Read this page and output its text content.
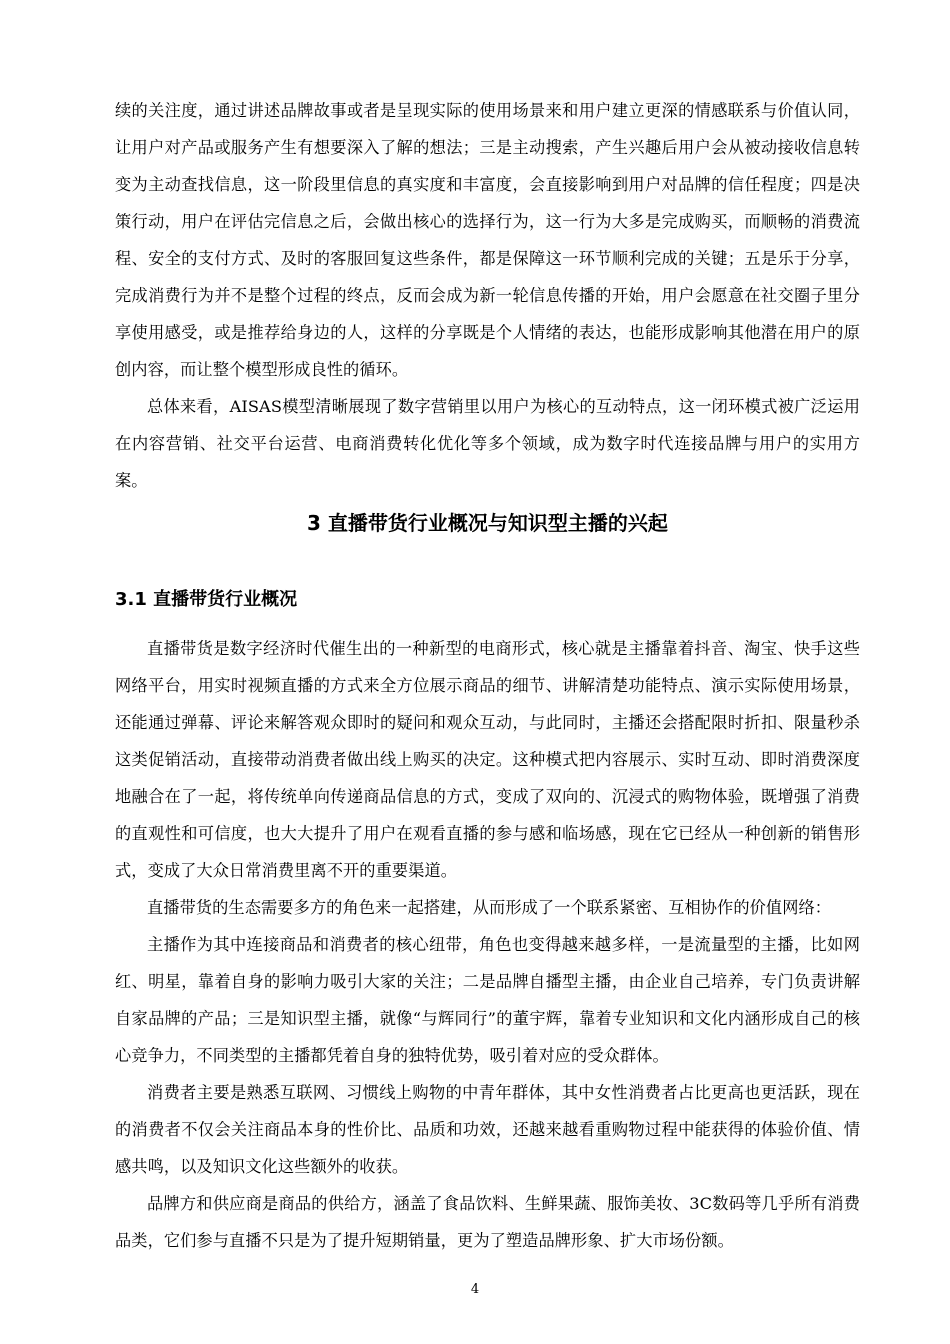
续的关注度，通过讲述品牌故事或者是呈现实际的使用场景来和用户建立更深的情感联系与价值认同，让用户对产品或服务产生有想要深入了解的想法；三是主动搜索，产生兴趣后用户会从被动接收信息转变为主动查找信息，这一阶段里信息的真实度和丰富度，会直接影响到用户对品牌的信任程度；四是决策行动，用户在评估完信息之后，会做出核心的选择行为，这一行为大多是完成购买，而顺畅的消费流程、安全的支付方式、及时的客服回复这些条件，都是保障这一环节顺利完成的关键；五是乐于分享，完成消费行为并不是整个过程的终点，反而会成为新一轮信息传播的开始，用户会愿意在社交圈子里分享使用感受，或是推荐给身边的人，这样的分享既是个人情绪的表达，也能形成影响其他潜在用户的原创内容，而让整个模型形成良性的循环。

总体来看，AISAS模型清晰展现了数字营销里以用户为核心的互动特点，这一闭环模式被广泛运用在内容营销、社交平台运营、电商消费转化优化等多个领域，成为数字时代连接品牌与用户的实用方案。

3 直播带货行业概况与知识型主播的兴起
3.1 直播带货行业概况

直播带货是数字经济时代催生出的一种新型的电商形式，核心就是主播靠着抖音、淘宝、快手这些网络平台，用实时视频直播的方式来全方位展示商品的细节、讲解清楚功能特点、演示实际使用场景，还能通过弹幕、评论来解答观众即时的疑问和观众互动，与此同时，主播还会搭配限时折扣、限量秒杀这类促销活动，直接带动消费者做出线上购买的决定。这种模式把内容展示、实时互动、即时消费深度地融合在了一起，将传统单向传递商品信息的方式，变成了双向的、沉浸式的购物体验，既增强了消费的直观性和可信度，也大大提升了用户在观看直播的参与感和临场感，现在它已经从一种创新的销售形式，变成了大众日常消费里离不开的重要渠道。

直播带货的生态需要多方的角色来一起搭建，从而形成了一个联系紧密、互相协作的价值网络：

主播作为其中连接商品和消费者的核心纽带，角色也变得越来越多样，一是流量型的主播，比如网红、明星，靠着自身的影响力吸引大家的关注；二是品牌自播型主播，由企业自己培养，专门负责讲解自家品牌的产品；三是知识型主播，就像“与辉同行”的董宇辉，靠着专业知识和文化内涵形成自己的核心竞争力，不同类型的主播都凭着自身的独特优势，吸引着对应的受众群体。

消费者主要是熟悉互联网、习惯线上购物的中青年群体，其中女性消费者占比更高也更活跃，现在的消费者不仅会关注商品本身的性价比、品质和功效，还越来越看重购物过程中能获得的体验价值、情感共鸣，以及知识文化这些额外的收获。

品牌方和供应商是商品的供给方，涵盖了食品饮料、生鲜果蔬、服饰美妆、3C数码等几乎所有消费品类，它们参与直播不只是为了提升短期销量，更为了塑造品牌形象、扩大市场份额。

4
